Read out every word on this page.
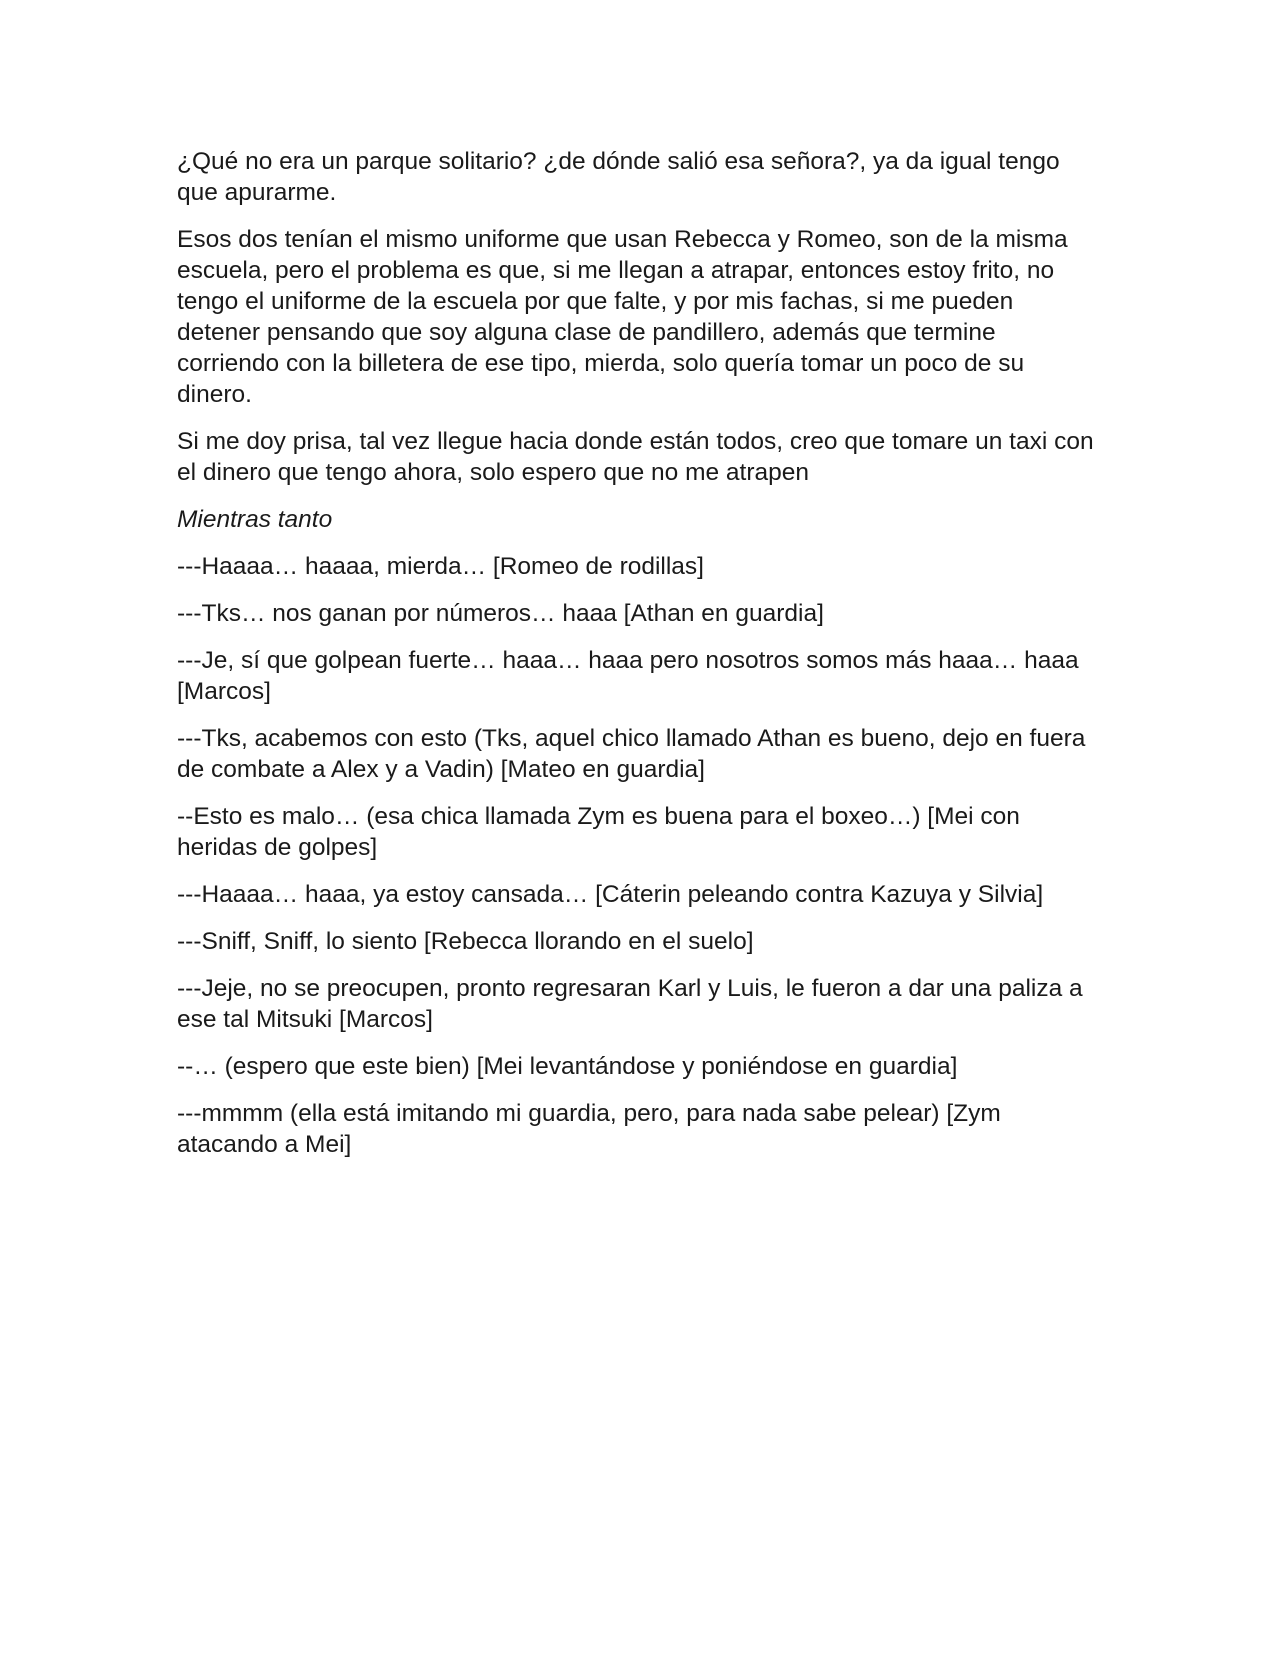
¿Qué no era un parque solitario? ¿de dónde salió esa señora?, ya da igual tengo que apurarme.

Esos dos tenían el mismo uniforme que usan Rebecca y Romeo, son de la misma escuela, pero el problema es que, si me llegan a atrapar, entonces estoy frito, no tengo el uniforme de la escuela por que falte, y por mis fachas, si me pueden detener pensando que soy alguna clase de pandillero, además que termine corriendo con la billetera de ese tipo, mierda, solo quería tomar un poco de su dinero.

Si me doy prisa, tal vez llegue hacia donde están todos, creo que tomare un taxi con el dinero que tengo ahora, solo espero que no me atrapen

Mientras tanto

---Haaaa… haaaa, mierda… [Romeo de rodillas]

---Tks… nos ganan por números… haaa [Athan en guardia]

---Je, sí que golpean fuerte… haaa… haaa pero nosotros somos más haaa… haaa [Marcos]

---Tks, acabemos con esto (Tks, aquel chico llamado Athan es bueno, dejo en fuera de combate a Alex y a Vadin) [Mateo en guardia]

--Esto es malo… (esa chica llamada Zym es buena para el boxeo…) [Mei con heridas de golpes]

---Haaaa… haaa, ya estoy cansada… [Cáterin peleando contra Kazuya y Silvia]

---Sniff, Sniff, lo siento [Rebecca llorando en el suelo]

---Jeje, no se preocupen, pronto regresaran Karl y Luis, le fueron a dar una paliza a ese tal Mitsuki [Marcos]

--… (espero que este bien) [Mei levantándose y poniéndose en guardia]

---mmmm (ella está imitando mi guardia, pero, para nada sabe pelear) [Zym atacando a Mei]
